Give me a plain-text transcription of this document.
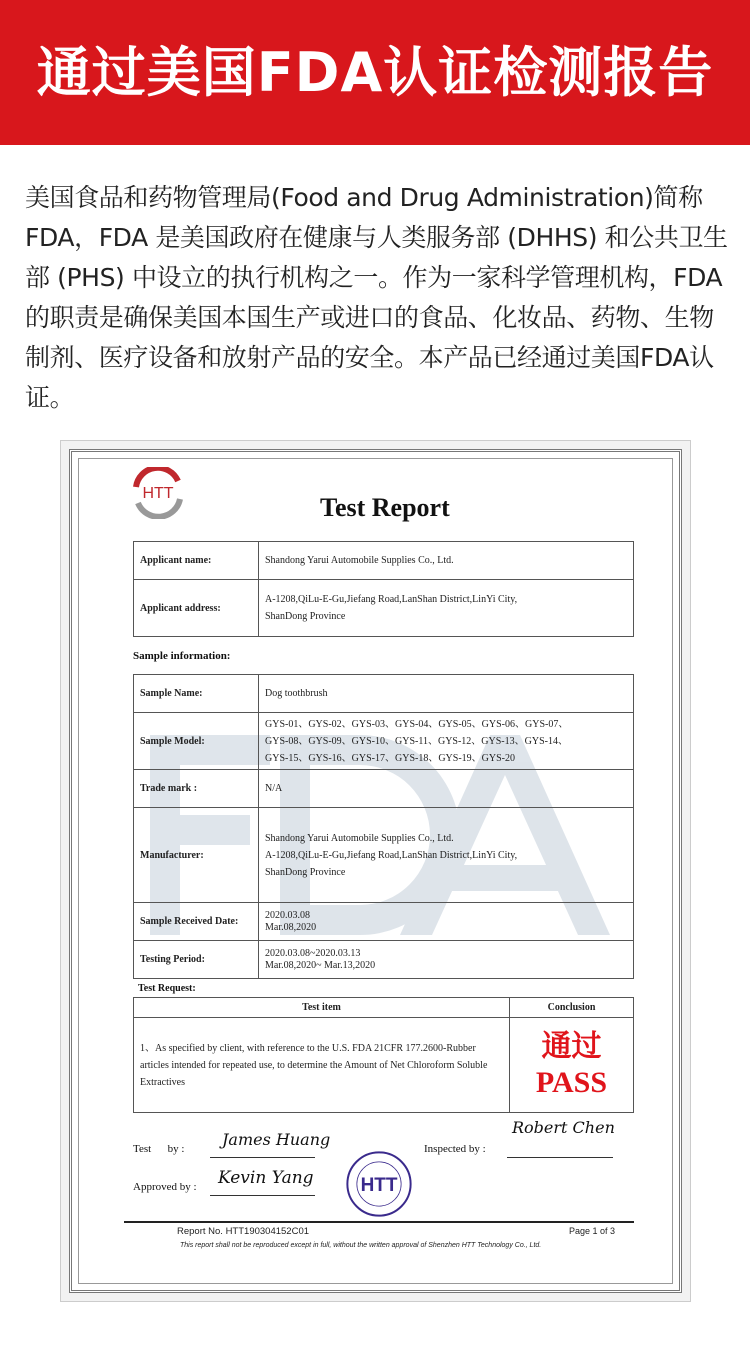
通过美国FDA认证检测报告
美国食品和药物管理局(Food and Drug Administration)简称FDA，FDA 是美国政府在健康与人类服务部 (DHHS) 和公共卫生部 (PHS) 中设立的执行机构之一。作为一家科学管理机构，FDA 的职责是确保美国本国生产或进口的食品、化妆品、药物、生物制剂、医疗设备和放射产品的安全。本产品已经通过美国FDA认证。
HTT	Test Report
Applicant name:	Shandong Yarui Automobile Supplies Co., Ltd.
Applicant address:	A-1208,QiLu-E-Gu,Jiefang Road,LanShan District,LinYi City,
ShanDong Province
Sample information:
Sample Name:	Dog toothbrush
Sample Model:	GYS-01、GYS-02、GYS-03、GYS-04、GYS-05、GYS-06、GYS-07、
GYS-08、GYS-09、GYS-10、GYS-11、GYS-12、GYS-13、GYS-14、
GYS-15、GYS-16、GYS-17、GYS-18、GYS-19、GYS-20

Trade mark :	N/A
Manufacturer:	Shandong Yarui Automobile Supplies Co., Ltd.
A-1208,QiLu-E-Gu,Jiefang Road,LanShan District,LinYi City,
ShanDong Province

Sample Received Date:	2020.03.08
Mar.08,2020

Testing Period:	2020.03.08~2020.03.13
Mar.08,2020~ Mar.13,2020
Test Request:
Test item	Conclusion

1、As specified by client, with reference to the U.S. FDA 21CFR 177.2600-Rubber articles intended for repeated use, to determine the Amount of Net Chloroform Soluble Extractives	通过
PASS
Test      by : James Huang	Inspected by :
Robert Chen
Approved by : Kevin Yang HTT
Report No. HTT190304152C01	Page 1 of 3
This report shall not be reproduced except in full, without the written approval of Shenzhen HTT Technology Co., Ltd.
